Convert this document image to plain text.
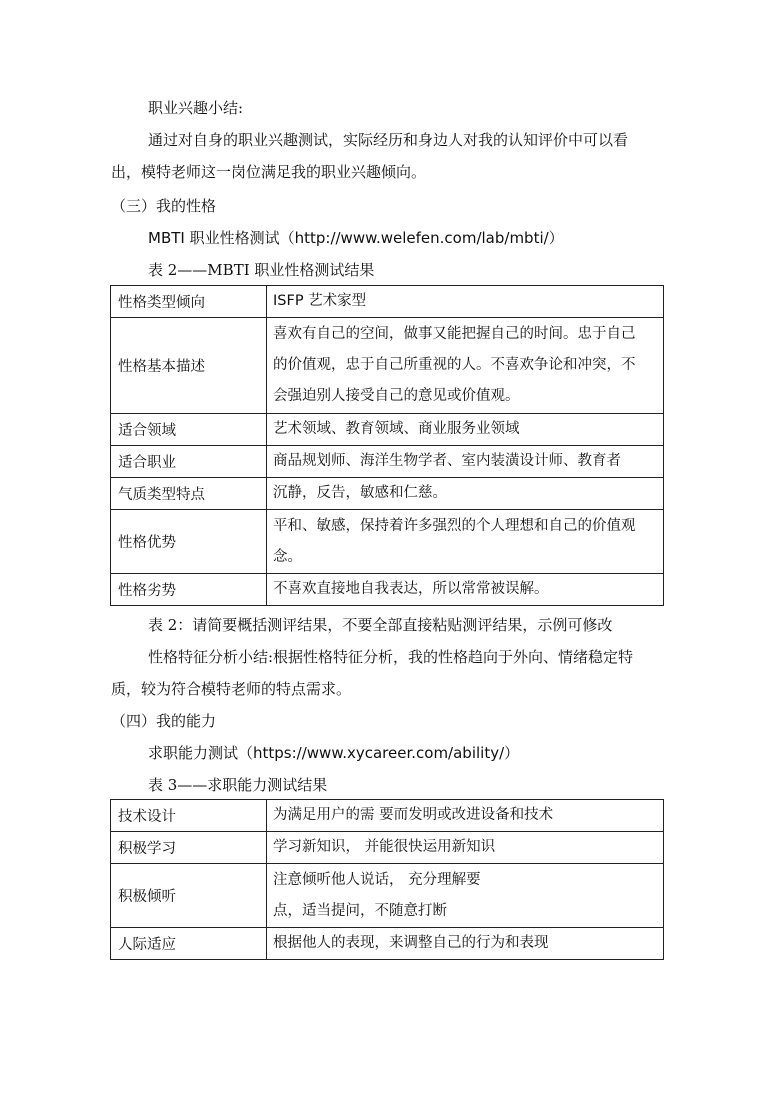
职业兴趣小结:
通过对自身的职业兴趣测试，实际经历和身边人对我的认知评价中可以看
出，模特老师这一岗位满足我的职业兴趣倾向。
（三）我的性格
MBTI 职业性格测试（http://www.welefen.com/lab/mbti/）
表 2——MBTI 职业性格测试结果
性格类型倾向	ISFP 艺术家型

性格基本描述	喜欢有自己的空间，做事又能把握自己的时间。忠于自己
的价值观，忠于自己所重视的人。不喜欢争论和冲突，不
会强迫别人接受自己的意见或价值观。

适合领域	艺术领域、教育领域、商业服务业领域

适合职业	商品规划师、海洋生物学者、室内装潢设计师、教育者

气质类型特点	沉静，反告，敏感和仁慈。

性格优势	平和、敏感，保持着许多强烈的个人理想和自己的价值观
念。

性格劣势	不喜欢直接地自我表达，所以常常被误解。
表 2：请简要概括测评结果，不要全部直接粘贴测评结果，示例可修改
性格特征分析小结:根据性格特征分析，我的性格趋向于外向、情绪稳定特
质，较为符合模特老师的特点需求。
（四）我的能力
求职能力测试（https://www.xycareer.com/ability/）
表 3——求职能力测试结果
技术设计	为满足用户的需 要而发明或改进设备和技术

积极学习	学习新知识， 并能很快运用新知识

积极倾听	注意倾听他人说话， 充分理解要
点，适当提问，不随意打断

人际适应	根据他人的表现，来调整自己的行为和表现
